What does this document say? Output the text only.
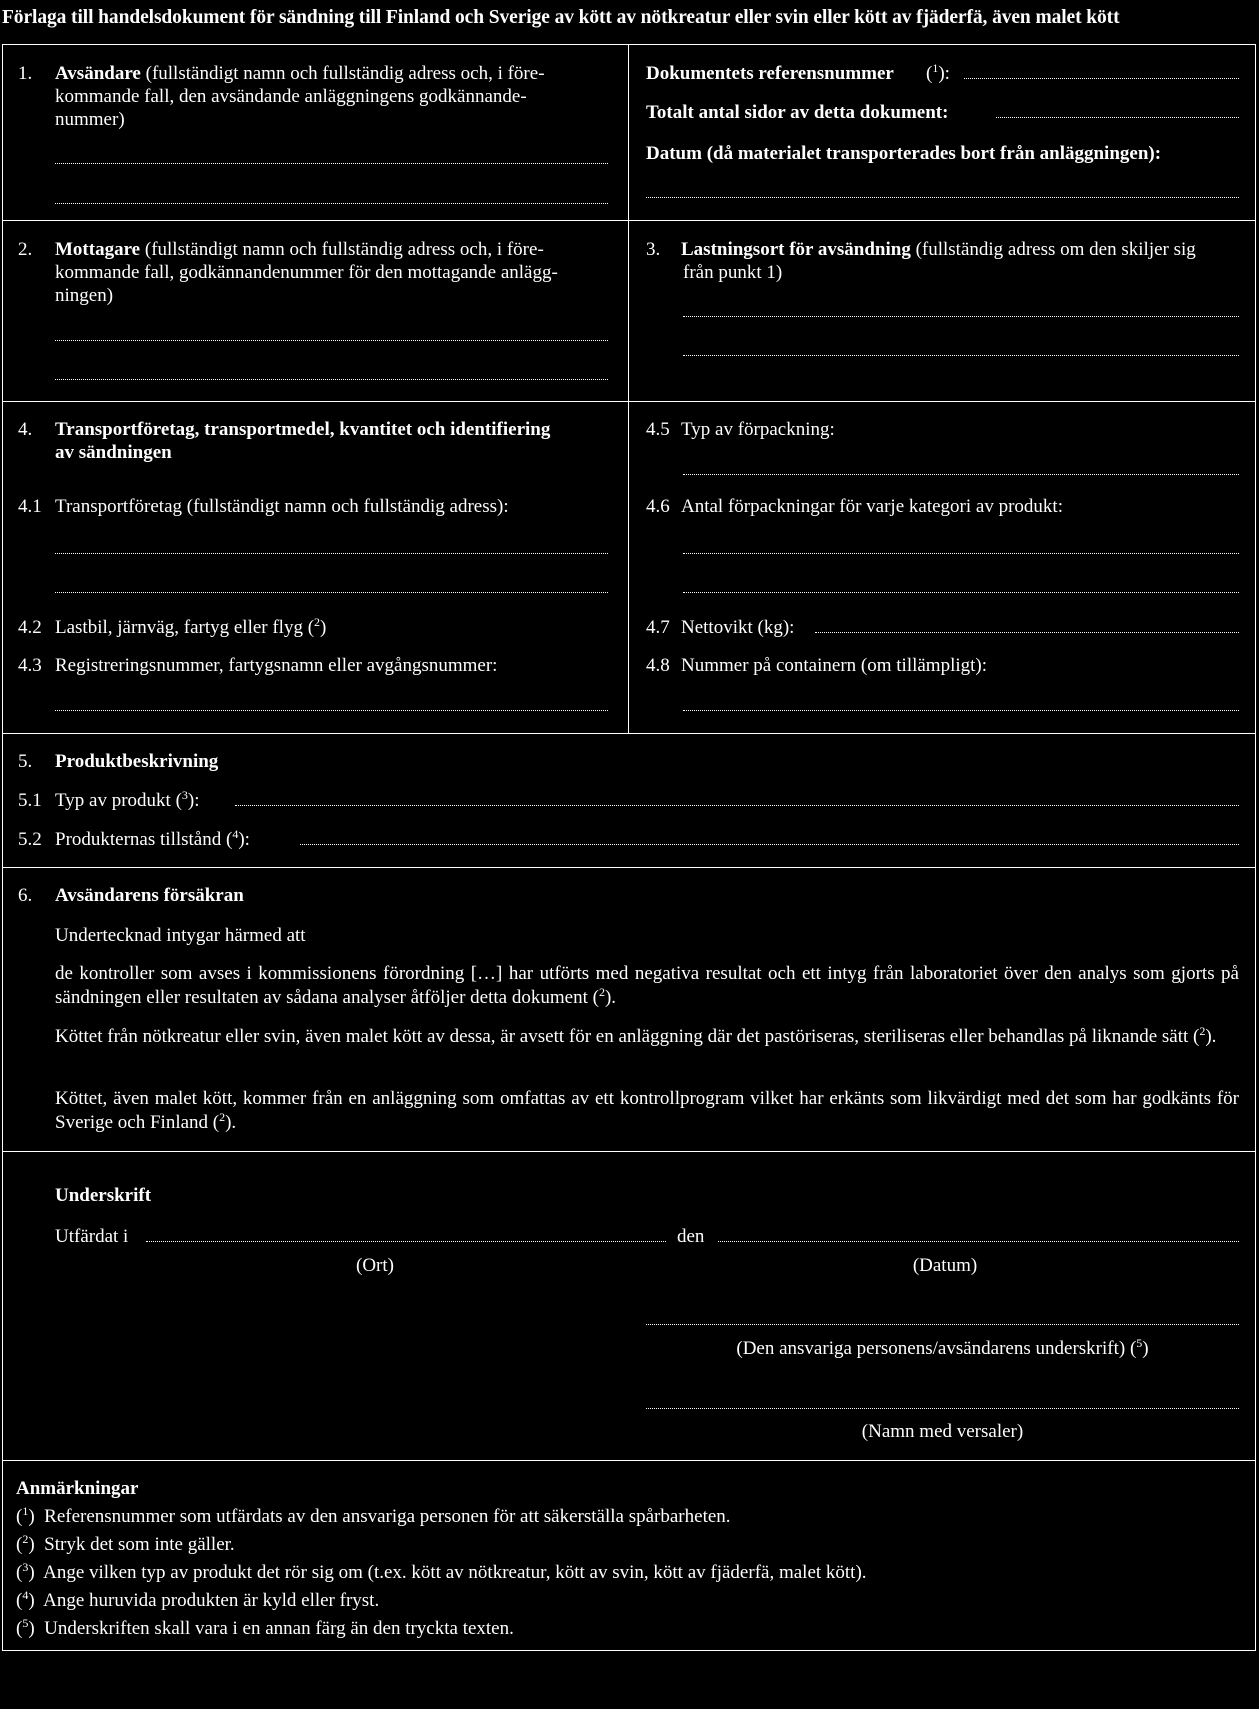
Förlaga till handelsdokument för sändning till Finland och Sverige av kött av nötkreatur eller svin eller kött av fjäderfä, även malet kött
1. Avsändare (fullständigt namn och fullständig adress och, i före-
kommande fall, den avsändande anläggningens godkännande-
nummer)
Dokumentets referensnummer ($^1$):
Totalt antal sidor av detta dokument:
Datum (då materialet transporterades bort från anläggningen):
2. Mottagare (fullständigt namn och fullständig adress och, i före-
kommande fall, godkännandenummer för den mottagande anlägg-
ningen)
3. Lastningsort för avsändning (fullständig adress om den skiljer sig
från punkt 1)
4. Transportföretag, transportmedel, kvantitet och identifiering
av sändningen
4.1 Transportföretag (fullständigt namn och fullständig adress):
4.2 Lastbil, järnväg, fartyg eller flyg ($^2$)
4.3 Registreringsnummer, fartygsnamn eller avgångsnummer:
4.5 Typ av förpackning:
4.6 Antal förpackningar för varje kategori av produkt:
4.7 Nettovikt (kg):
4.8 Nummer på containern (om tillämpligt):
5. Produktbeskrivning
5.1 Typ av produkt ($^3$):
5.2 Produkternas tillstånd ($^4$):
6. Avsändarens försäkran
Undertecknad intygar härmed att
de kontroller som avses i kommissionens förordning […] har utförts med negativa resultat och ett intyg från laboratoriet över den analys som gjorts på sändningen eller resultaten av sådana analyser åtföljer detta dokument ($^2$).
Köttet från nötkreatur eller svin, även malet kött av dessa, är avsett för en anläggning där det pastöriseras, steriliseras eller behandlas på liknande sätt ($^2$).
Köttet, även malet kött, kommer från en anläggning som omfattas av ett kontrollprogram vilket har erkänts som likvärdigt med det som har godkänts för Sverige och Finland ($^2$).
Underskrift
Utfärdat i	den
(Ort)	(Datum)
(Den ansvariga personens/avsändarens underskrift) ($^5$)
(Namn med versaler)
Anmärkningar
($^1$)  Referensnummer som utfärdats av den ansvariga personen för att säkerställa spårbarheten.
($^2$)  Stryk det som inte gäller.
($^3$)  Ange vilken typ av produkt det rör sig om (t.ex. kött av nötkreatur, kött av svin, kött av fjäderfä, malet kött).
($^4$)  Ange huruvida produkten är kyld eller fryst.
($^5$)  Underskriften skall vara i en annan färg än den tryckta texten.
